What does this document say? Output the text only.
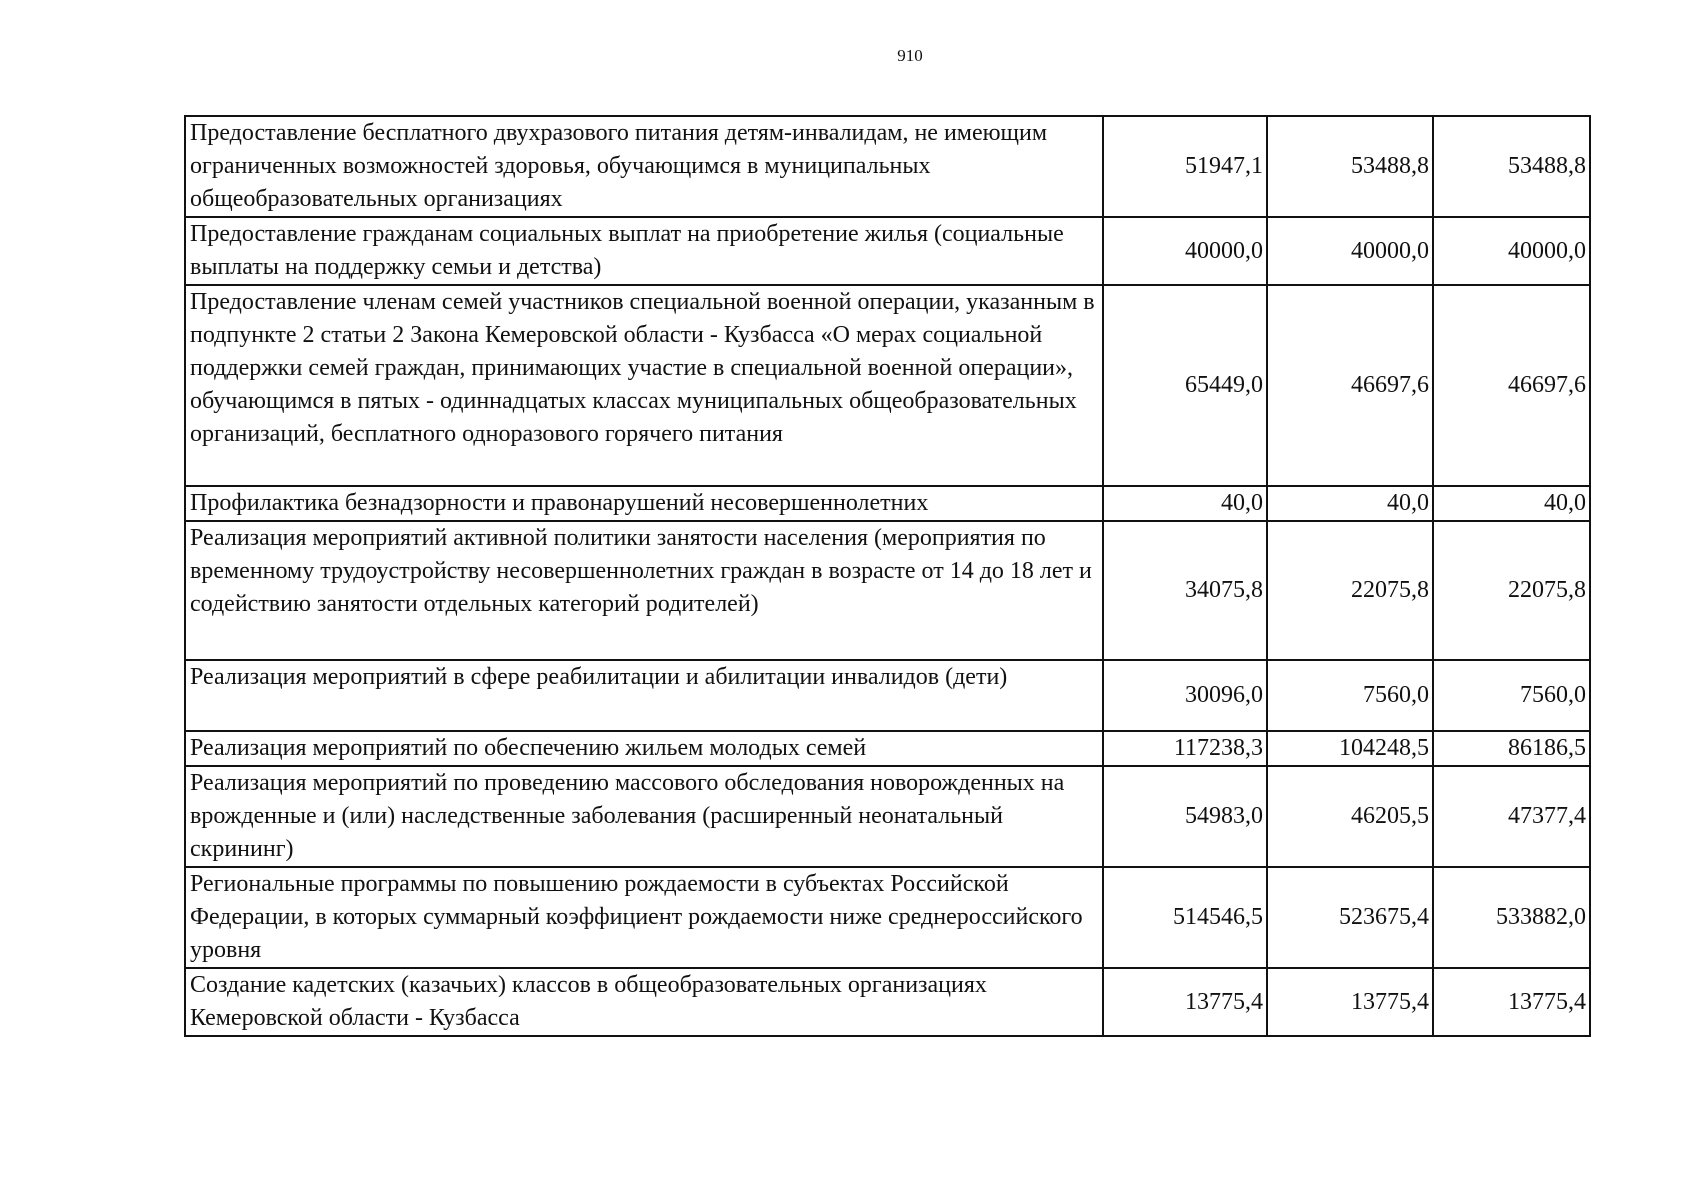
910
Предоставление бесплатного двухразового питания детям-инвалидам, не имеющим ограниченных возможностей здоровья, обучающимся в муниципальных общеобразовательных организациях	51947,1	53488,8	53488,8
Предоставление гражданам социальных выплат на приобретение жилья (социальные выплаты на поддержку семьи и детства)	40000,0	40000,0	40000,0
Предоставление членам семей участников специальной военной операции, указанным в подпункте 2 статьи 2 Закона Кемеровской области - Кузбасса «О мерах социальной поддержки семей граждан, принимающих участие в специальной военной операции», обучающимся в пятых - одиннадцатых классах муниципальных общеобразовательных организаций, бесплатного одноразового горячего питания	65449,0	46697,6	46697,6
Профилактика безнадзорности и правонарушений несовершеннолетних	40,0	40,0	40,0
Реализация мероприятий активной политики занятости населения (мероприятия по временному трудоустройству несовершеннолетних граждан в возрасте от 14 до 18 лет и содействию занятости отдельных категорий родителей)	34075,8	22075,8	22075,8
Реализация мероприятий в сфере реабилитации и абилитации инвалидов (дети)	30096,0	7560,0	7560,0
Реализация мероприятий по обеспечению жильем молодых семей	117238,3	104248,5	86186,5
Реализация мероприятий по проведению массового обследования новорожденных на врожденные и (или) наследственные заболевания (расширенный неонатальный скрининг)	54983,0	46205,5	47377,4
Региональные программы по повышению рождаемости в субъектах Российской Федерации, в которых суммарный коэффициент рождаемости ниже среднероссийского уровня	514546,5	523675,4	533882,0
Создание кадетских (казачьих) классов в общеобразовательных организациях Кемеровской области - Кузбасса	13775,4	13775,4	13775,4
